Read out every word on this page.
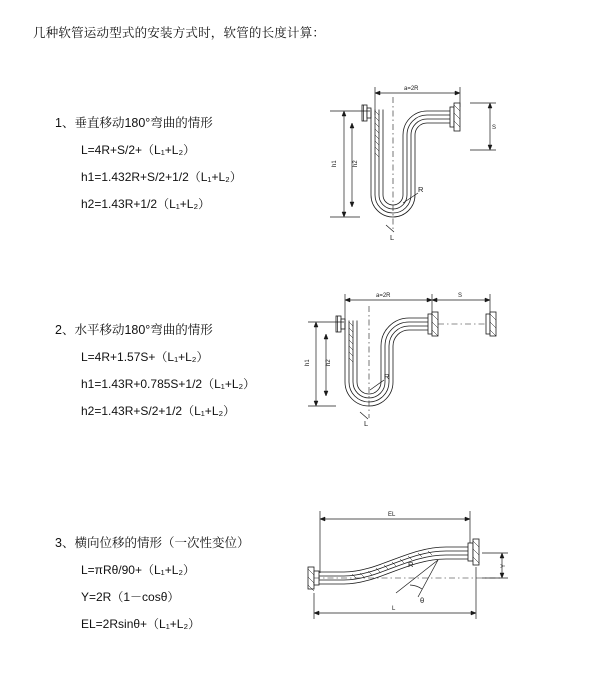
几种软管运动型式的安装方式时，软管的长度计算：
1、垂直移动180°弯曲的情形
L=4R+S/2+（L₁+L₂）
h1=1.432R+S/2+1/2（L₁+L₂）
h2=1.43R+1/2（L₁+L₂）
a=2R
S
h1	h2
R
L
2、水平移动180°弯曲的情形
L=4R+1.57S+（L₁+L₂）
h1=1.43R+0.785S+1/2（L₁+L₂）
h2=1.43R+S/2+1/2（L₁+L₂）
a=2R	S
h1	h2
R
L
3、横向位移的情形（一次性变位）
L=πRθ/90+（L₁+L₂）
Y=2R（1－cosθ）
EL=2Rsinθ+（L₁+L₂）
EL
Y
R
θ
L
